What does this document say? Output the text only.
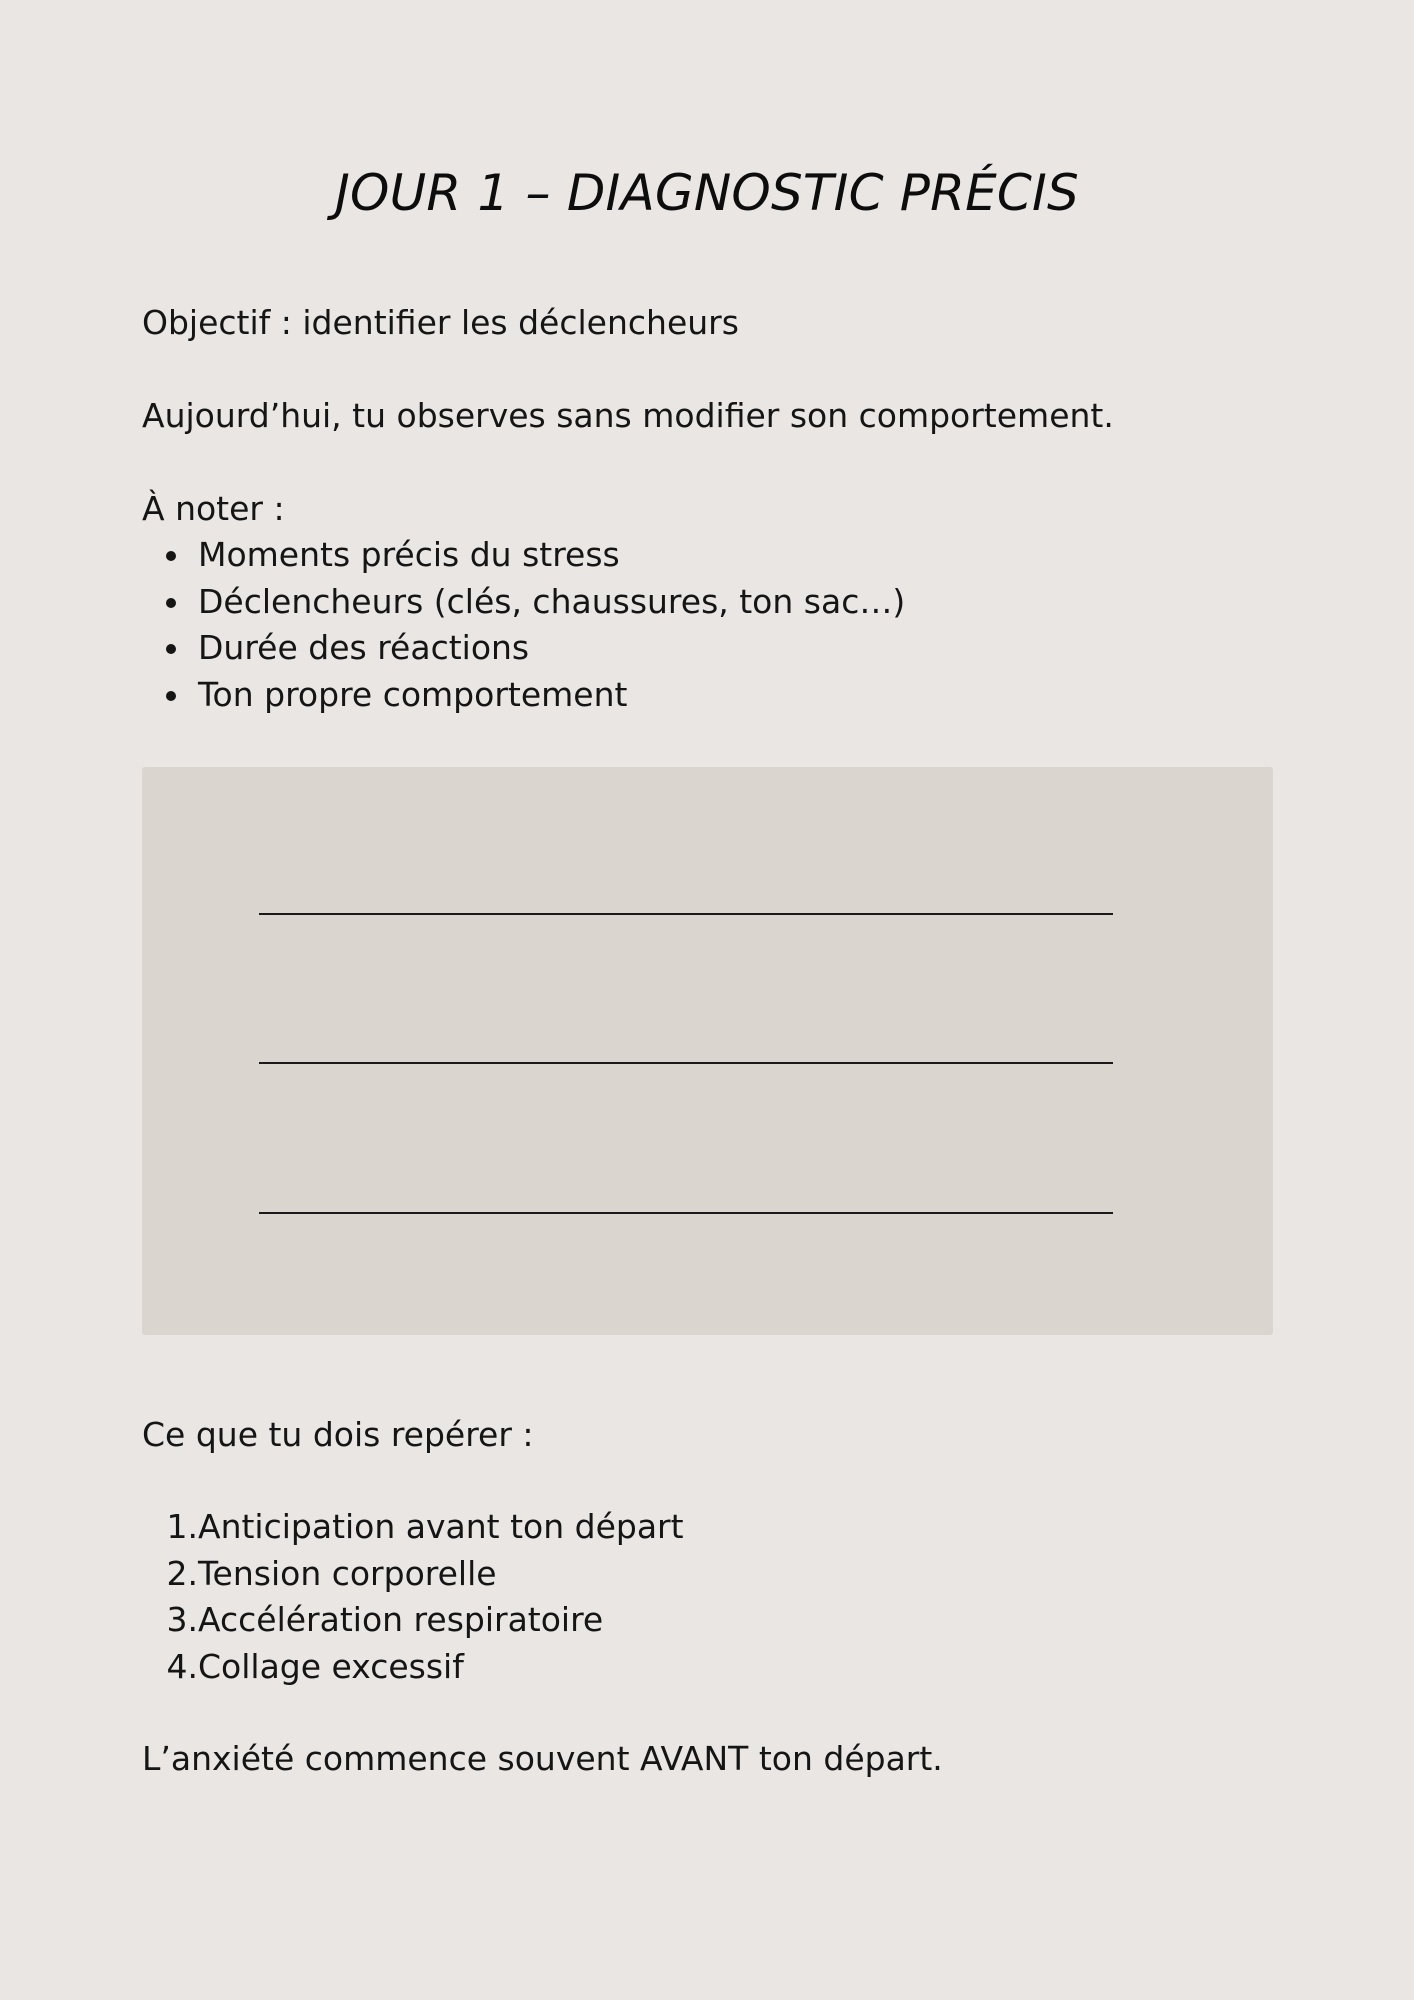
JOUR 1 – DIAGNOSTIC PRÉCIS

Objectif : identifier les déclencheurs

Aujourd’hui, tu observes sans modifier son comportement.

À noter :

Moments précis du stress
Déclencheurs (clés, chaussures, ton sac…)
Durée des réactions
Ton propre comportement

Ce que tu dois repérer :

1. Anticipation avant ton départ
2. Tension corporelle
3. Accélération respiratoire
4. Collage excessif

L’anxiété commence souvent AVANT ton départ.
